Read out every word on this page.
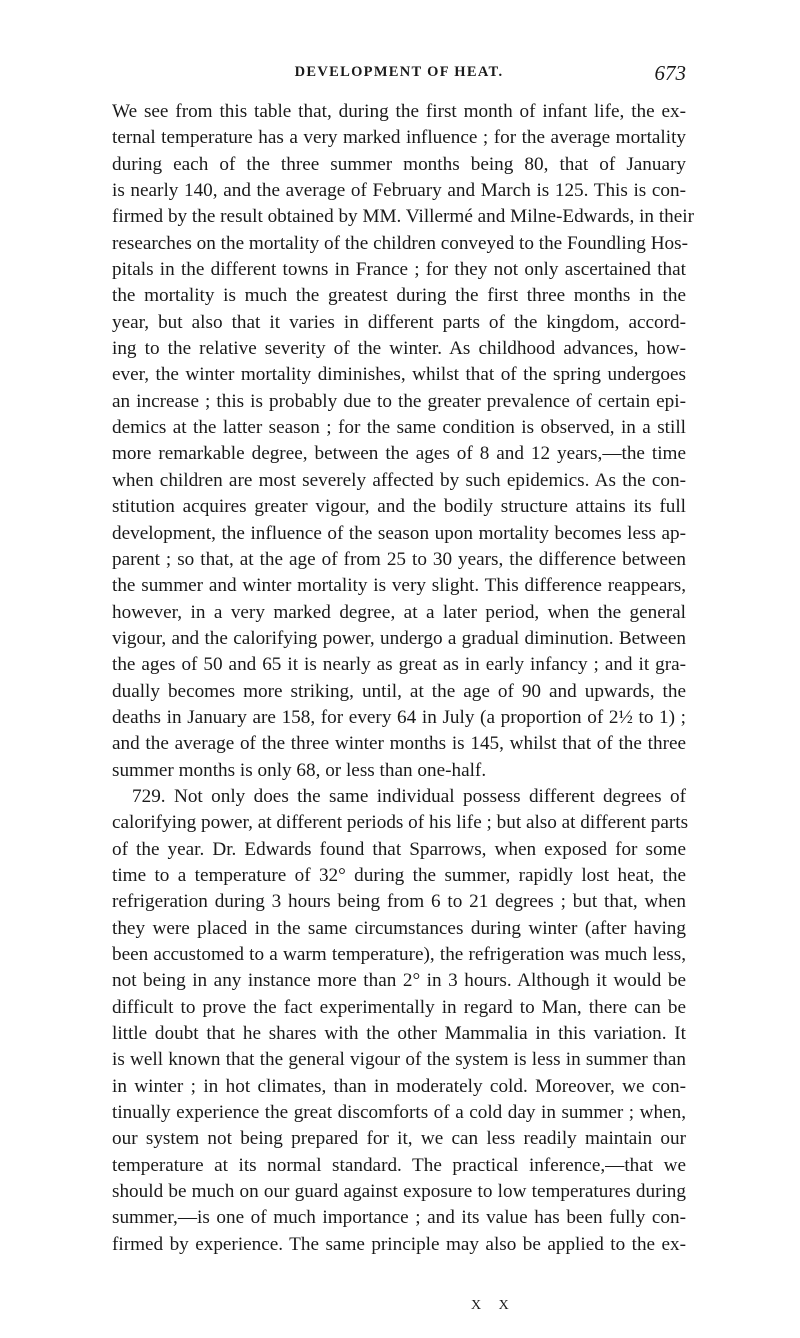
DEVELOPMENT OF HEAT.	673
We see from this table that, during the first month of infant life, the ex-
ternal temperature has a very marked influence ; for the average mortality
during each of the three summer months being 80, that of January
is nearly 140, and the average of February and March is 125. This is con-
firmed by the result obtained by MM. Villermé and Milne-Edwards, in their
researches on the mortality of the children conveyed to the Foundling Hos-
pitals in the different towns in France ; for they not only ascertained that
the mortality is much the greatest during the first three months in the
year, but also that it varies in different parts of the kingdom, accord-
ing to the relative severity of the winter. As childhood advances, how-
ever, the winter mortality diminishes, whilst that of the spring undergoes
an increase ; this is probably due to the greater prevalence of certain epi-
demics at the latter season ; for the same condition is observed, in a still
more remarkable degree, between the ages of 8 and 12 years,—the time
when children are most severely affected by such epidemics. As the con-
stitution acquires greater vigour, and the bodily structure attains its full
development, the influence of the season upon mortality becomes less ap-
parent ; so that, at the age of from 25 to 30 years, the difference between
the summer and winter mortality is very slight. This difference reappears,
however, in a very marked degree, at a later period, when the general
vigour, and the calorifying power, undergo a gradual diminution. Between
the ages of 50 and 65 it is nearly as great as in early infancy ; and it gra-
dually becomes more striking, until, at the age of 90 and upwards, the
deaths in January are 158, for every 64 in July (a proportion of 2½ to 1) ;
and the average of the three winter months is 145, whilst that of the three
summer months is only 68, or less than one-half.
729. Not only does the same individual possess different degrees of
calorifying power, at different periods of his life ; but also at different parts
of the year. Dr. Edwards found that Sparrows, when exposed for some
time to a temperature of 32° during the summer, rapidly lost heat, the
refrigeration during 3 hours being from 6 to 21 degrees ; but that, when
they were placed in the same circumstances during winter (after having
been accustomed to a warm temperature), the refrigeration was much less,
not being in any instance more than 2° in 3 hours. Although it would be
difficult to prove the fact experimentally in regard to Man, there can be
little doubt that he shares with the other Mammalia in this variation. It
is well known that the general vigour of the system is less in summer than
in winter ; in hot climates, than in moderately cold. Moreover, we con-
tinually experience the great discomforts of a cold day in summer ; when,
our system not being prepared for it, we can less readily maintain our
temperature at its normal standard. The practical inference,—that we
should be much on our guard against exposure to low temperatures during
summer,—is one of much importance ; and its value has been fully con-
firmed by experience. The same principle may also be applied to the ex-
X X
